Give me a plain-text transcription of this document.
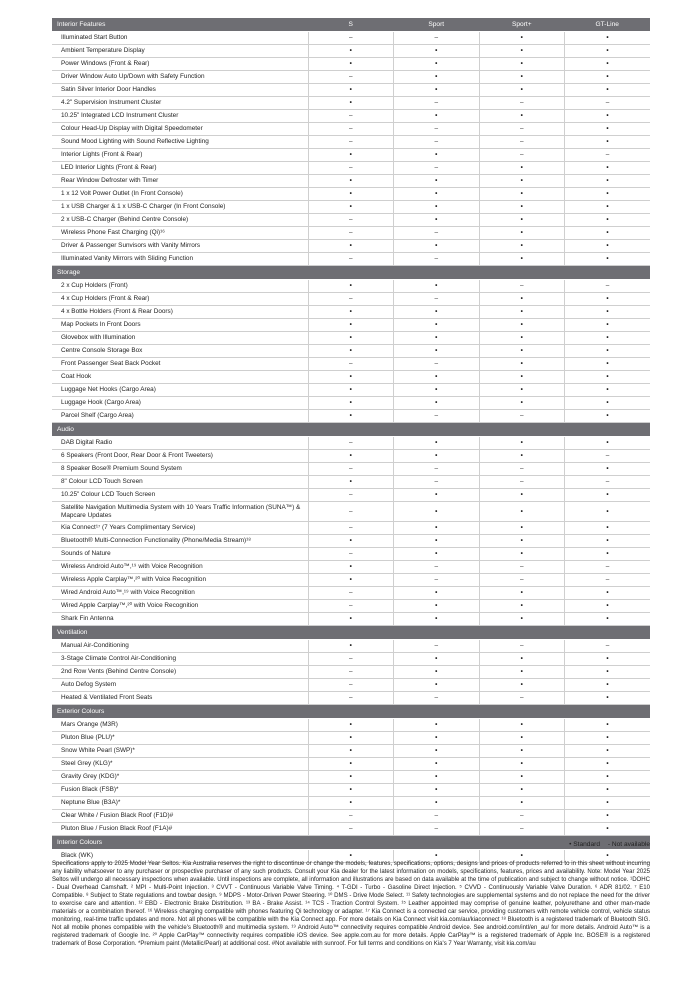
Interior Features	S	Sport	Sport+	GT-Line
Illuminated Start Button	–	–	•	•
Ambient Temperature Display	•	•	•	•
Power Windows (Front & Rear)	•	•	•	•
Driver Window Auto Up/Down with Safety Function	–	•	•	•
Satin Silver Interior Door Handles	•	•	•	•
4.2" Supervision Instrument Cluster	•	–	–	–
10.25" Integrated LCD Instrument Cluster	–	•	•	•
Colour Head-Up Display with Digital Speedometer	–	–	–	•
Sound Mood Lighting with Sound Reflective Lighting	–	–	–	•
Interior Lights (Front & Rear)	•	•	–	–
LED Interior Lights (Front & Rear)	–	–	•	•
Rear Window Defroster with Timer	•	•	•	•
1 x 12 Volt Power Outlet (In Front Console)	•	•	•	•
1 x USB Charger & 1 x USB-C Charger (In Front Console)	•	•	•	•
2 x USB-C Charger (Behind Centre Console)	–	•	•	•
Wireless Phone Fast Charging (Qi)¹⁶	–	–	•	•
Driver & Passenger Sunvisors with Vanity Mirrors	•	•	•	•
Illuminated Vanity Mirrors with Sliding Function	–	–	•	•
Storage				
2 x Cup Holders (Front)	•	•	–	–
4 x Cup Holders (Front & Rear)	–	–	•	•
4 x Bottle Holders (Front & Rear Doors)	•	•	•	•
Map Pockets In Front Doors	•	•	•	•
Glovebox with Illumination	•	•	•	•
Centre Console Storage Box	•	•	•	•
Front Passenger Seat Back Pocket	–	–	•	•
Coat Hook	•	•	•	•
Luggage Net Hooks (Cargo Area)	•	•	•	•
Luggage Hook (Cargo Area)	•	•	•	•
Parcel Shelf (Cargo Area)	•	–	–	•
Audio				
DAB Digital Radio	–	•	•	•
6 Speakers (Front Door, Rear Door & Front Tweeters)	•	•	•	–
8 Speaker Bose® Premium Sound System	–	–	–	•
8" Colour LCD Touch Screen	•	–	–	–
10.25" Colour LCD Touch Screen	–	•	•	•
Satellite Navigation Multimedia System with 10 Years Traffic Information (SUNA™) & Mapcare Updates	–	•	•	•
Kia Connect¹⁷ (7 Years Complimentary Service)	–	•	•	•
Bluetooth® Multi-Connection Functionality (Phone/Media Stream)¹⁸	•	•	•	•
Sounds of Nature	–	•	•	•
Wireless Android Auto™,¹⁹ with Voice Recognition	•	–	–	–
Wireless Apple Carplay™,²⁰ with Voice Recognition	•	–	–	–
Wired Android Auto™,¹⁹ with Voice Recognition	–	•	•	•
Wired Apple Carplay™,²⁰ with Voice Recognition	–	•	•	•
Shark Fin Antenna	•	•	•	•
Ventilation				
Manual Air-Conditioning	•	–	–	–
3-Stage Climate Control Air-Conditioning	–	•	•	•
2nd Row Vents (Behind Centre Console)	–	•	•	•
Auto Defog System	–	•	•	•
Heated & Ventilated Front Seats	–	–	–	•
Exterior Colours				
Mars Orange (M3R)	•	•	•	•
Pluton Blue (PLU)*	•	•	•	•
Snow White Pearl (SWP)*	•	•	•	•
Steel Grey (KLG)*	•	•	•	•
Gravity Grey (KDG)*	•	•	•	•
Fusion Black (FSB)*	•	•	•	•
Neptune Blue (B3A)*	•	•	•	•
Clear White / Fusion Black Roof (F1D)#	–	–	–	•
Pluton Blue / Fusion Black Roof (F1A)#	–	–	–	•
Interior Colours				
Black (WK)	•	•	•	•
• Standard - Not available

Specifications apply to 2025 Model Year Seltos. Kia Australia reserves the right to discontinue or change the models, features, specifications, options, designs and prices of products referred to in this sheet without incurring any liability whatsoever to any purchaser or prospective purchaser of any such products. Consult your Kia dealer for the latest information on models, specifications, features, prices and availability. Note: Model Year 2025 Seltos will undergo all necessary inspections when available. Until inspections are complete, all information and illustrations are based on data available at the time of publication and subject to change without notice. ¹DOHC - Dual Overhead Camshaft. ² MPI - Multi-Point Injection. ³ CVVT - Continuous Variable Valve Timing. ⁴ T-GDI - Turbo - Gasoline Direct Injection. ⁵ CVVD - Continuously Variable Valve Duration. ⁶ ADR 81/02. ⁷ E10 Compatible. ⁸ Subject to State regulations and towbar design. ⁹ MDPS - Motor-Driven Power Steering. ¹⁰ DMS - Drive Mode Select. ¹¹ Safety technologies are supplemental systems and do not replace the need for the driver to exercise care and attention. ¹² EBD - Electronic Brake Distribution. ¹³ BA - Brake Assist. ¹⁴ TCS - Traction Control System. ¹⁵ Leather appointed may comprise of genuine leather, polyurethane and other man-made materials or a combination thereof. ¹⁶ Wireless charging compatible with phones featuring Qi technology or adapter. ¹⁷ Kia Connect is a connected car service, providing customers with remote vehicle control, vehicle status monitoring, real-time traffic updates and more. Not all phones will be compatible with the Kia Connect app. For more details on Kia Connect visit kia.com/au/kiaconnect ¹⁸ Bluetooth is a registered trademark of Bluetooth SIG. Not all mobile phones compatible with the vehicle's Bluetooth® and multimedia system. ¹⁹ Android Auto™ connectivity requires compatible Android device. See android.com/intl/en_au/ for more details. Android Auto™ is a registered trademark of Google Inc. ²⁰ Apple CarPlay™ connectivity requires compatible iOS device. See apple.com.au for more details. Apple CarPlay™ is a registered trademark of Apple Inc. BOSE® is a registered trademark of Bose Corporation. *Premium paint (Metallic/Pearl) at additional cost. #Not available with sunroof. For full terms and conditions on Kia's 7 Year Warranty, visit kia.com/au
